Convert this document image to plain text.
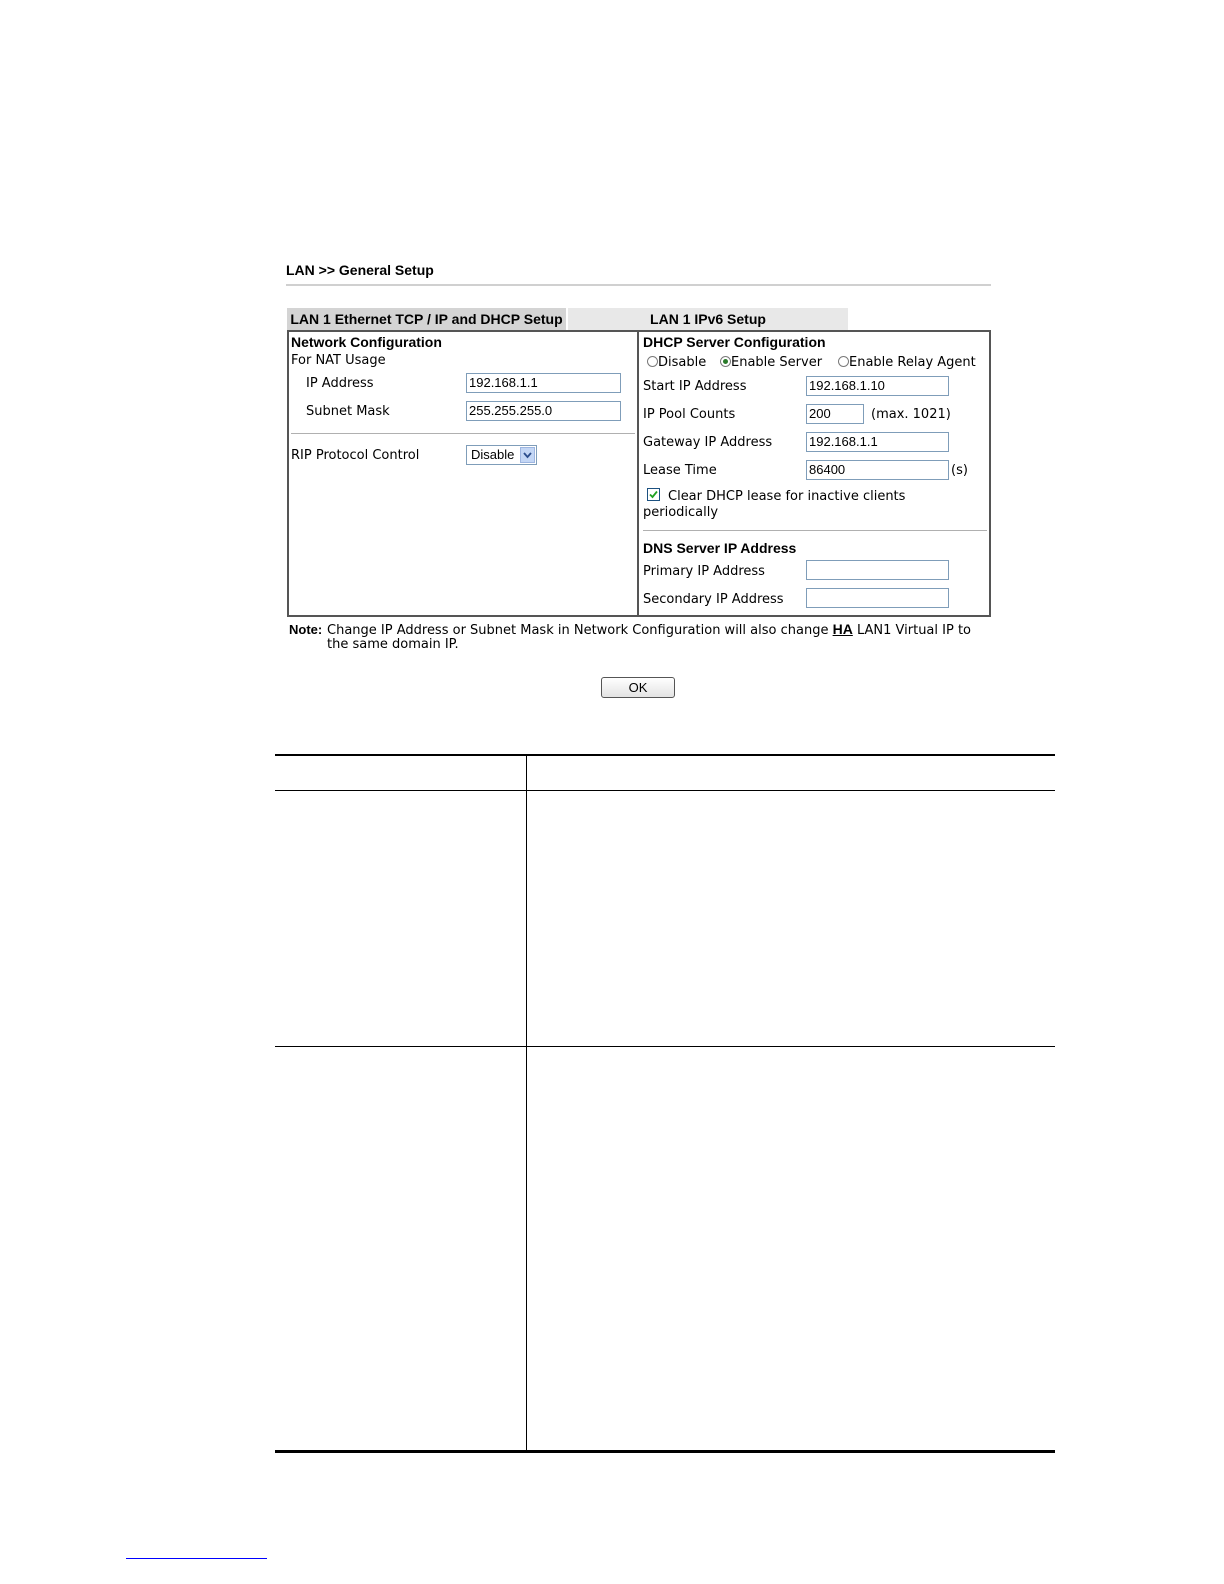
LAN >> General Setup
LAN 1 Ethernet TCP / IP and DHCP Setup	LAN 1 IPv6 Setup
Network Configuration
For NAT Usage
IP Address	192.168.1.1
Subnet Mask	255.255.255.0
RIP Protocol Control	Disable
DHCP Server Configuration
Disable	Enable Server	Enable Relay Agent
Start IP Address	192.168.1.10
IP Pool Counts	200	(max. 1021)
Gateway IP Address	192.168.1.1
Lease Time	86400	(s)
Clear DHCP lease for inactive clients
periodically
DNS Server IP Address
Primary IP Address
Secondary IP Address
Note: Change IP Address or Subnet Mask in Network Configuration will also change HA LAN1 Virtual IP to
the same domain IP.
OK
